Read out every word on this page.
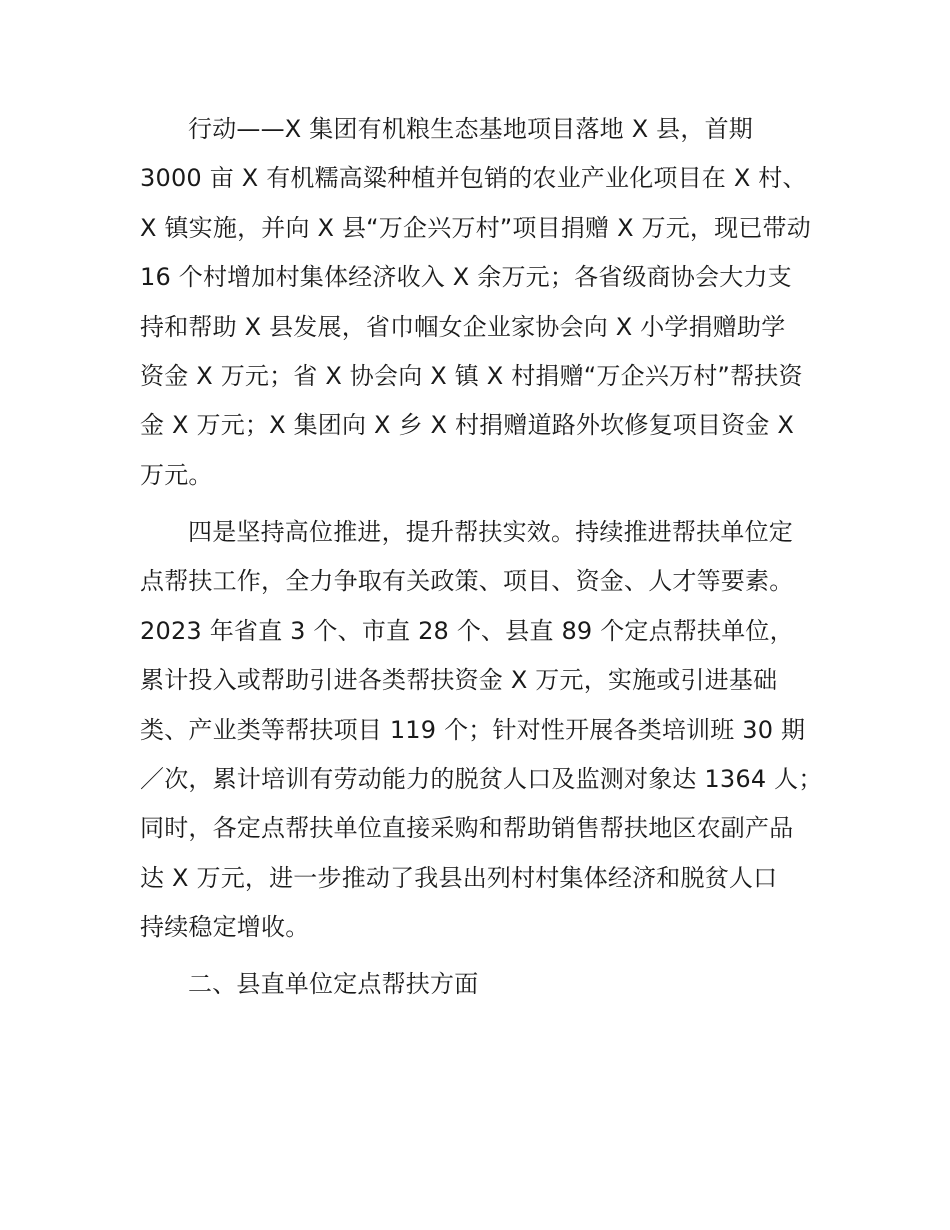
行动——X 集团有机粮生态基地项目落地 X 县，首期
3000 亩 X 有机糯高粱种植并包销的农业产业化项目在 X 村、
X 镇实施，并向 X 县“万企兴万村”项目捐赠 X 万元，现已带动
16 个村增加村集体经济收入 X 余万元；各省级商协会大力支
持和帮助 X 县发展，省巾帼女企业家协会向 X 小学捐赠助学
资金 X 万元；省 X 协会向 X 镇 X 村捐赠“万企兴万村”帮扶资
金 X 万元；X 集团向 X 乡 X 村捐赠道路外坎修复项目资金 X
万元。
四是坚持高位推进，提升帮扶实效。持续推进帮扶单位定
点帮扶工作，全力争取有关政策、项目、资金、人才等要素。
2023 年省直 3 个、市直 28 个、县直 89 个定点帮扶单位，
累计投入或帮助引进各类帮扶资金 X 万元，实施或引进基础
类、产业类等帮扶项目 119 个；针对性开展各类培训班 30 期
／次，累计培训有劳动能力的脱贫人口及监测对象达 1364 人；
同时，各定点帮扶单位直接采购和帮助销售帮扶地区农副产品
达 X 万元，进一步推动了我县出列村村集体经济和脱贫人口
持续稳定增收。
二、县直单位定点帮扶方面
